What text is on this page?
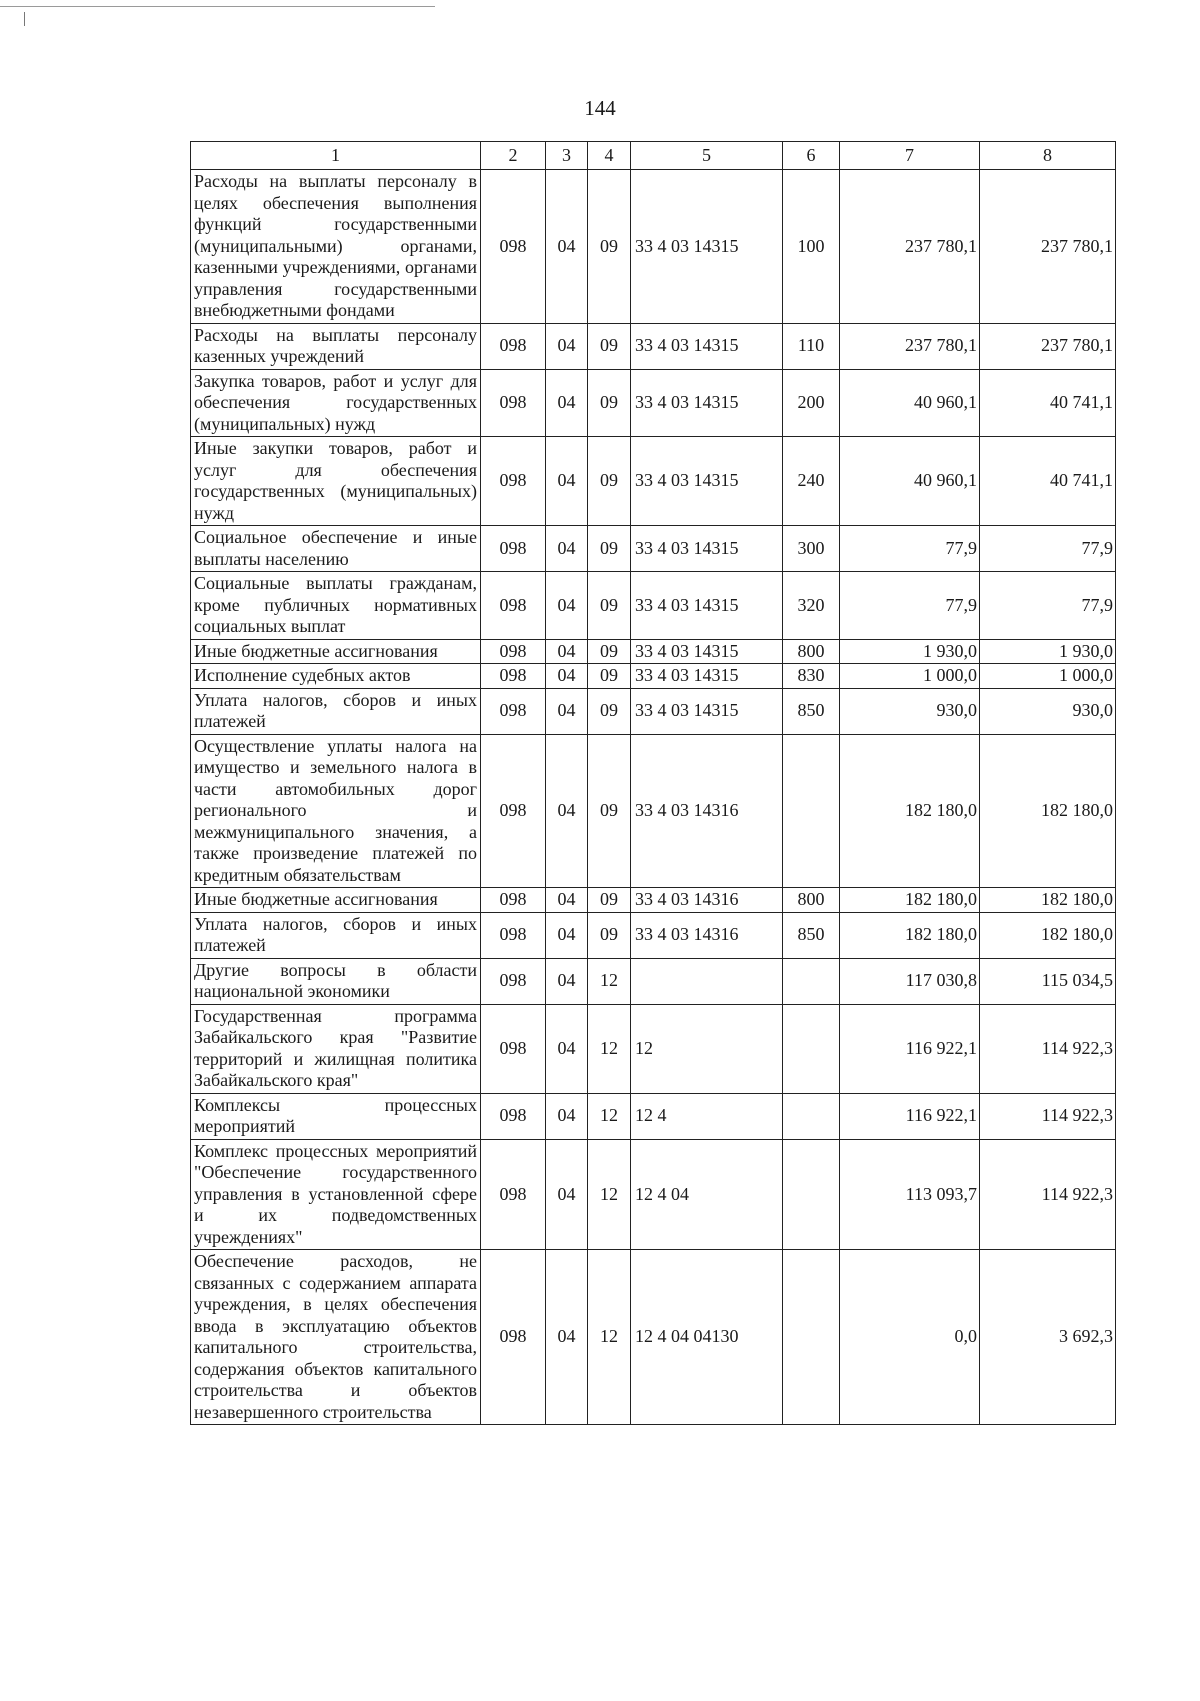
144
1	2	3	4	5	6	7	8
Расходы на выплаты персоналу в целях обеспечения выполнения функций государственными (муниципальными) органами, казенными учреждениями, органами управления государственными внебюджетными фондами	098	04	09	33 4 03 14315	100	237 780,1	237 780,1
Расходы на выплаты персоналу казенных учреждений	098	04	09	33 4 03 14315	110	237 780,1	237 780,1
Закупка товаров, работ и услуг для обеспечения государственных (муниципальных) нужд	098	04	09	33 4 03 14315	200	40 960,1	40 741,1
Иные закупки товаров, работ и услуг для обеспечения государственных (муниципальных) нужд	098	04	09	33 4 03 14315	240	40 960,1	40 741,1
Социальное обеспечение и иные выплаты населению	098	04	09	33 4 03 14315	300	77,9	77,9
Социальные выплаты гражданам, кроме публичных нормативных социальных выплат	098	04	09	33 4 03 14315	320	77,9	77,9
Иные бюджетные ассигнования	098	04	09	33 4 03 14315	800	1 930,0	1 930,0
Исполнение судебных актов	098	04	09	33 4 03 14315	830	1 000,0	1 000,0
Уплата налогов, сборов и иных платежей	098	04	09	33 4 03 14315	850	930,0	930,0
Осуществление уплаты налога на имущество и земельного налога в части автомобильных дорог регионального и межмуниципального значения, а также произведение платежей по кредитным обязательствам	098	04	09	33 4 03 14316		182 180,0	182 180,0
Иные бюджетные ассигнования	098	04	09	33 4 03 14316	800	182 180,0	182 180,0
Уплата налогов, сборов и иных платежей	098	04	09	33 4 03 14316	850	182 180,0	182 180,0
Другие вопросы в области национальной экономики	098	04	12			117 030,8	115 034,5
Государственная программа Забайкальского края "Развитие территорий и жилищная политика Забайкальского края"	098	04	12	12		116 922,1	114 922,3
Комплексы процессных мероприятий	098	04	12	12 4		116 922,1	114 922,3
Комплекс процессных мероприятий "Обеспечение государственного управления в установленной сфере и их подведомственных учреждениях"	098	04	12	12 4 04		113 093,7	114 922,3
Обеспечение расходов, не связанных с содержанием аппарата учреждения, в целях обеспечения ввода в эксплуатацию объектов капитального строительства, содержания объектов капитального строительства и объектов незавершенного строительства	098	04	12	12 4 04 04130		0,0	3 692,3
